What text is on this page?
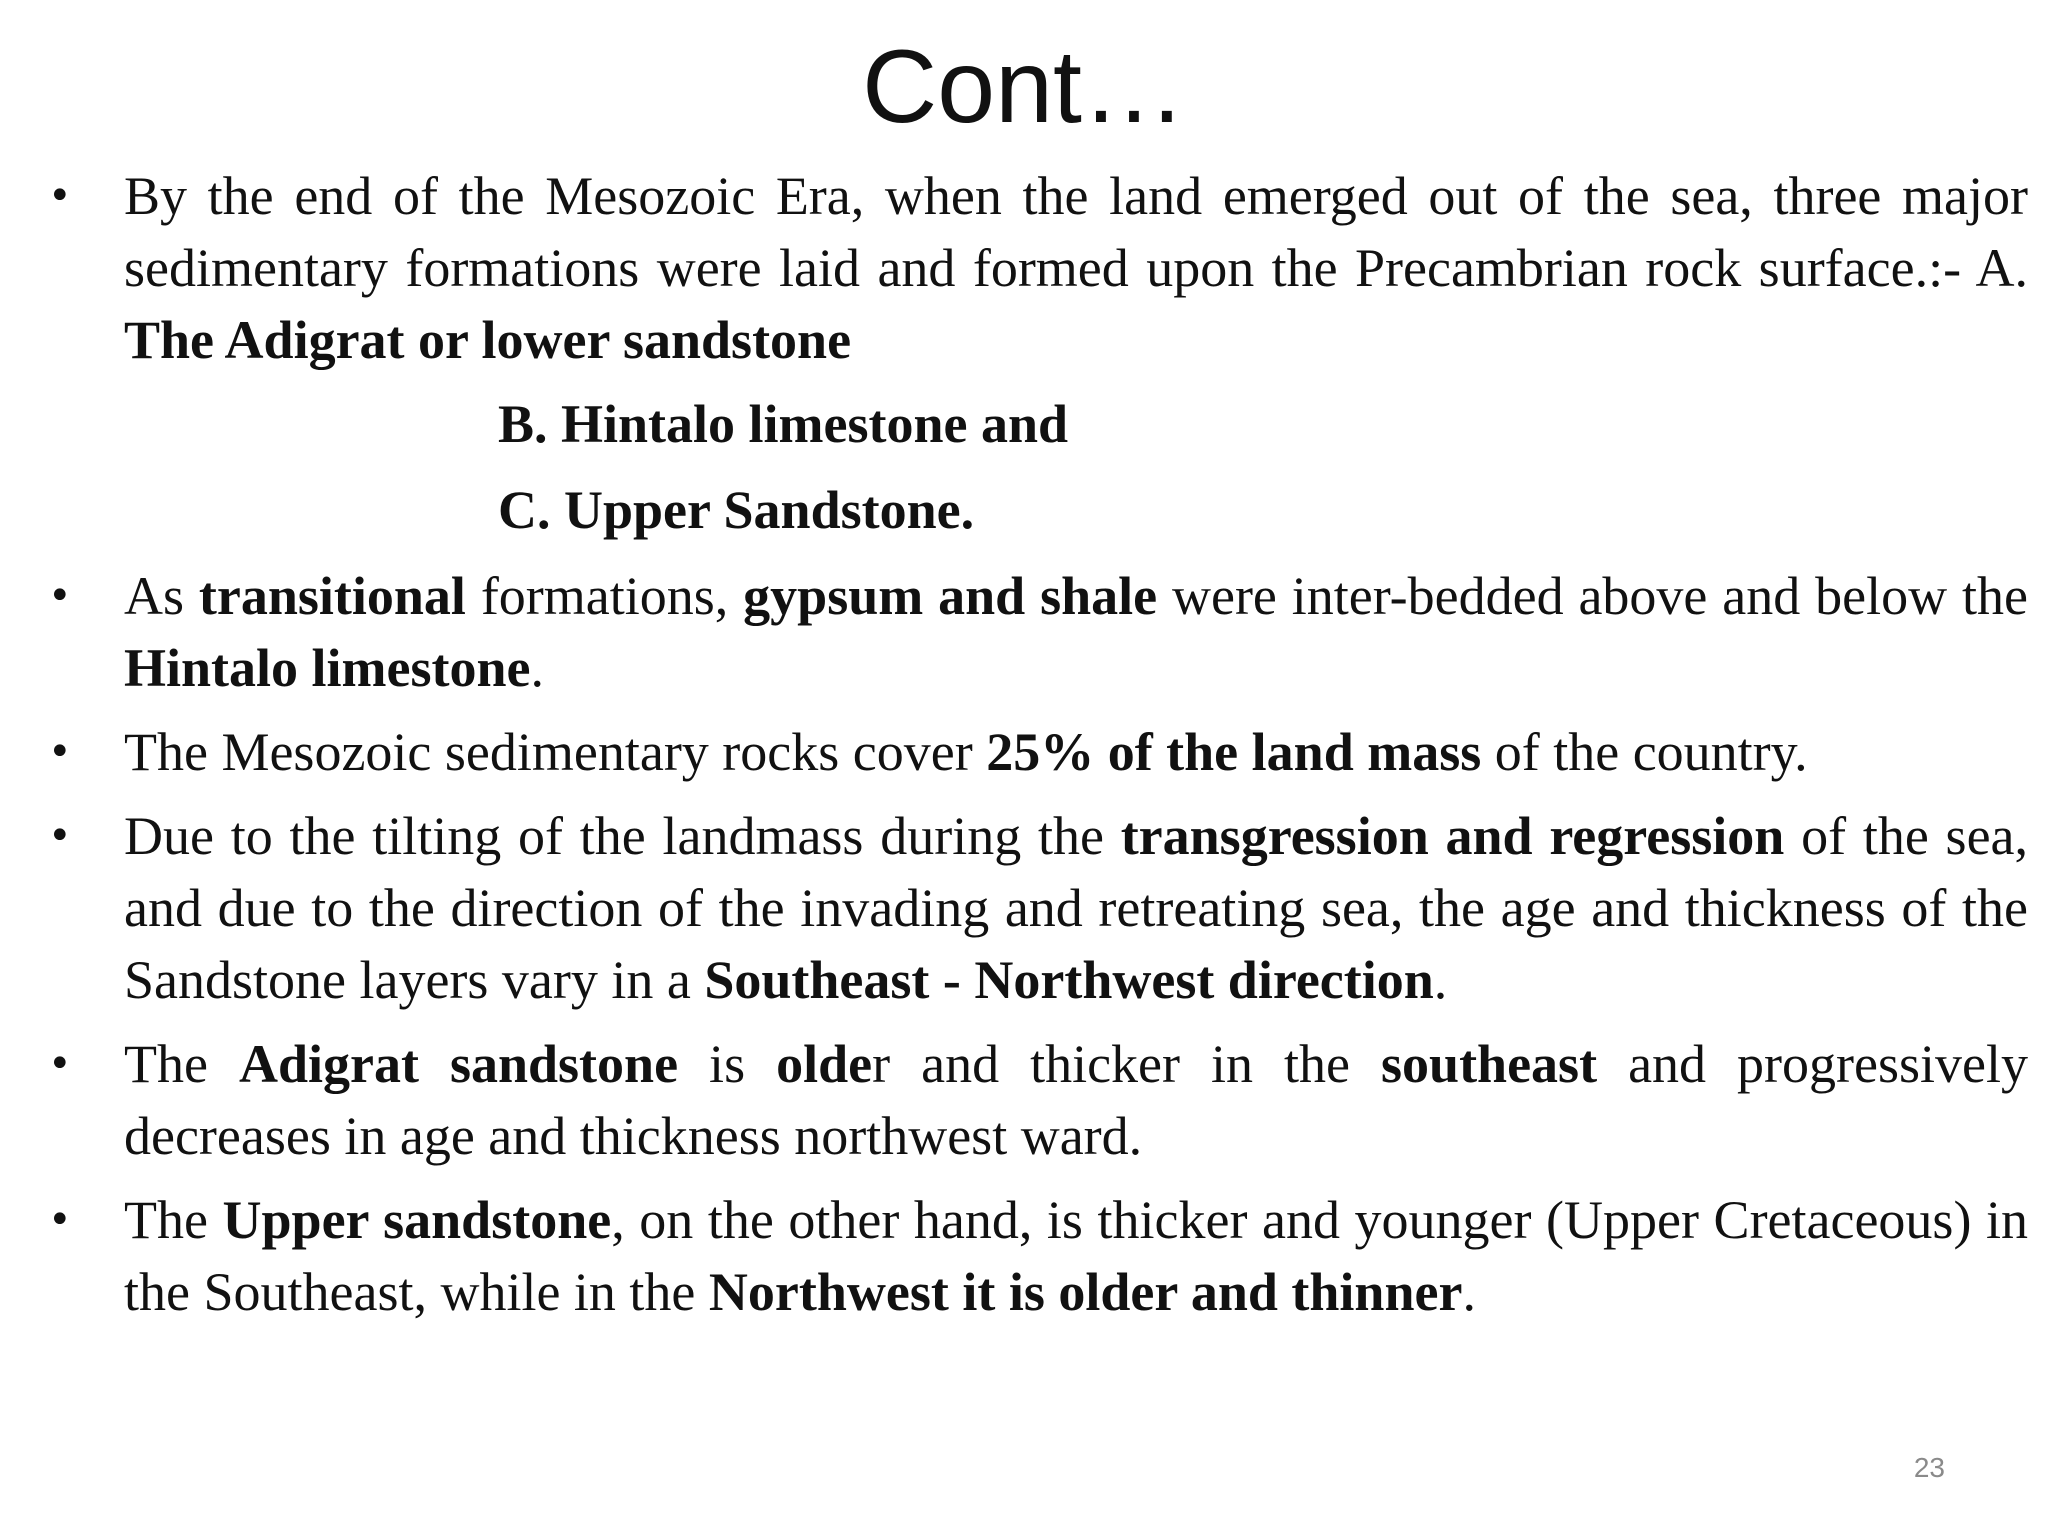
Cont…
• By the end of the Mesozoic Era, when the land emerged out of the sea, three major sedimentary formations were laid and formed upon the Precambrian rock surface.:- A. The Adigrat or lower sandstone
B. Hintalo limestone and
C. Upper Sandstone.
• As transitional formations, gypsum and shale were inter-bedded above and below the Hintalo limestone.
• The Mesozoic sedimentary rocks cover 25% of the land mass of the country.
• Due to the tilting of the landmass during the transgression and regression of the sea, and due to the direction of the invading and retreating sea, the age and thickness of the Sandstone layers vary in a Southeast - Northwest direction.
• The Adigrat sandstone is older and thicker in the southeast and progressively decreases in age and thickness northwest ward.
• The Upper sandstone, on the other hand, is thicker and younger (Upper Cretaceous) in the Southeast, while in the Northwest it is older and thinner.
23
